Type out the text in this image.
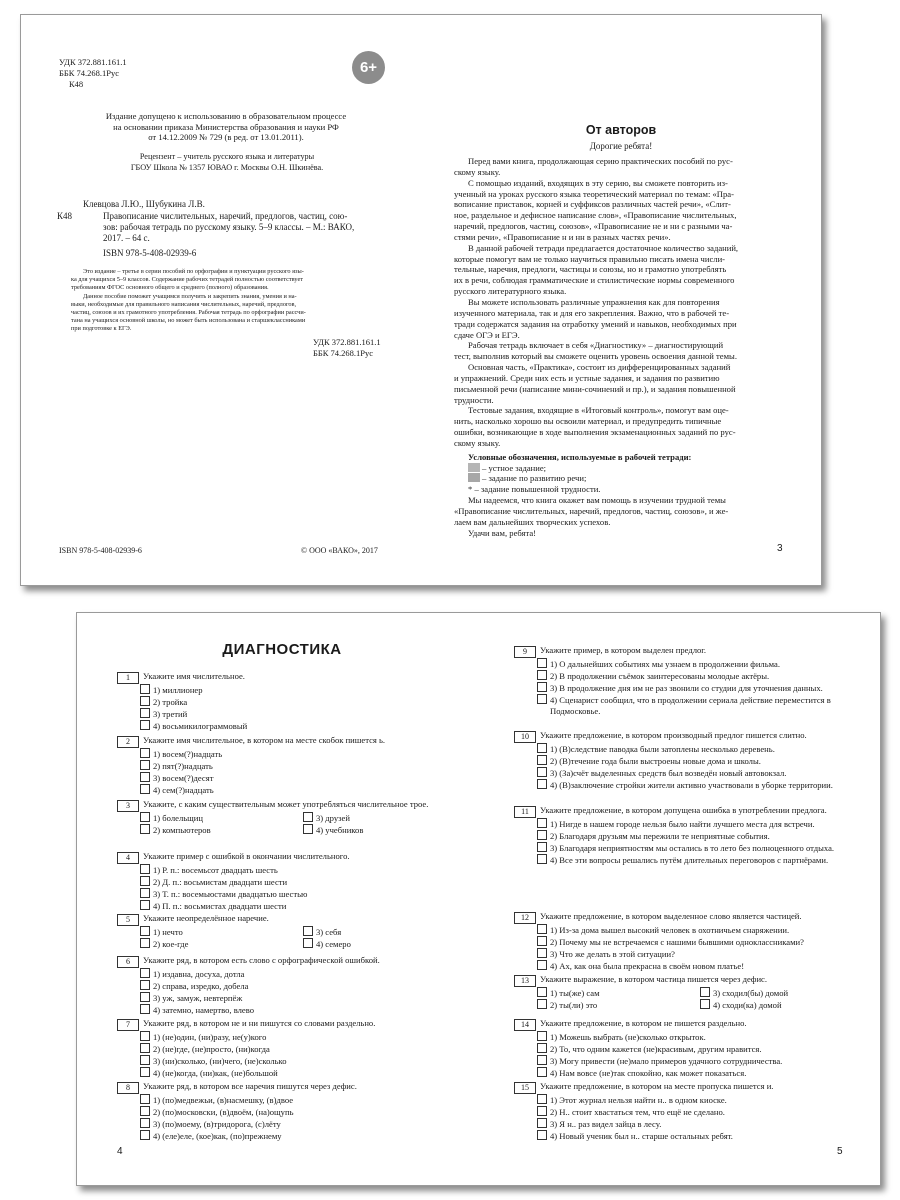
УДК 372.881.161.1
ББК 74.268.1Рус
К48
6+
Издание допущено к использованию в образовательном процессе
на основании приказа Министерства образования и науки РФ
от 14.12.2009 № 729 (в ред. от 13.01.2011).
Рецензент – учитель русского языка и литературы
ГБОУ Школа № 1357 ЮВАО г. Москвы О.Н. Шкинёва.
Клевцова Л.Ю., Шубукина Л.В.
К48	Правописание числительных, наречий, предлогов, частиц, сою-
зов: рабочая тетрадь по русскому языку. 5–9 классы. – М.: ВАКО,
2017. – 64 с.
ISBN 978-5-408-02939-6
Это издание – третье в серии пособий по орфографии и пунктуации русского язы-
ка для учащихся 5–9 классов. Содержание рабочих тетрадей полностью соответствует
требованиям ФГОС основного общего и среднего (полного) образования.
Данное пособие поможет учащимся получить и закрепить знания, умения и на-
выки, необходимые для правильного написания числительных, наречий, предлогов,
частиц, союзов и их грамотного употребления. Рабочая тетрадь по орфографии рассчи-
тана на учащихся основной школы, но может быть использована и старшеклассниками
при подготовке к ЕГЭ.
УДК 372.881.161.1
ББК 74.268.1Рус
ISBN 978-5-408-02939-6	© ООО «ВАКО», 2017
От авторов
Дорогие ребята!
Перед вами книга, продолжающая серию практических пособий по рус-
скому языку.
С помощью изданий, входящих в эту серию, вы сможете повторить из-
ученный на уроках русского языка теоретический материал по темам: «Пра-
вописание приставок, корней и суффиксов различных частей речи», «Слит-
ное, раздельное и дефисное написание слов», «Правописание числительных,
наречий, предлогов, частиц, союзов», «Правописание не и ни с разными ча-
стями речи», «Правописание н и нн в разных частях речи».
В данной рабочей тетради предлагается достаточное количество заданий,
которые помогут вам не только научиться правильно писать имена числи-
тельные, наречия, предлоги, частицы и союзы, но и грамотно употреблять
их в речи, соблюдая грамматические и стилистические нормы современного
русского литературного языка.
Вы можете использовать различные упражнения как для повторения
изученного материала, так и для его закрепления. Важно, что в рабочей те-
тради содержатся задания на отработку умений и навыков, необходимых при
сдаче ОГЭ и ЕГЭ.
Рабочая тетрадь включает в себя «Диагностику» – диагностирующий
тест, выполнив который вы сможете оценить уровень освоения данной темы.
Основная часть, «Практика», состоит из дифференцированных заданий
и упражнений. Среди них есть и устные задания, и задания по развитию
письменной речи (написание мини-сочинений и пр.), и задания повышенной
трудности.
Тестовые задания, входящие в «Итоговый контроль», помогут вам оце-
нить, насколько хорошо вы освоили материал, и предупредить типичные
ошибки, возникающие в ходе выполнения экзаменационных заданий по рус-
скому языку.
Условные обозначения, используемые в рабочей тетради:
– устное задание;
– задание по развитию речи;
* – задание повышенной трудности.
Мы надеемся, что книга окажет вам помощь в изучении трудной темы
«Правописание числительных, наречий, предлогов, частиц, союзов», и же-
лаем вам дальнейших творческих успехов.
Удачи вам, ребята!
3
ДИАГНОСТИКА
1 Укажите имя числительное.
1) миллионер
2) тройка
3) третий
4) восьмикилограммовый
2 Укажите имя числительное, в котором на месте скобок пишется ь.
1) восем(?)надцать
2) пят(?)надцать
3) восем(?)десят
4) сем(?)надцать
3 Укажите, с каким существительным может употребляться числительное трое.
1) болельщиц	3) друзей
2) компьютеров	4) учебников
4 Укажите пример с ошибкой в окончании числительного.
1) Р. п.: восемьсот двадцать шесть
2) Д. п.: восьмистам двадцати шести
3) Т. п.: восемьюстами двадцатью шестью
4) П. п.: восьмистах двадцати шести
5 Укажите неопределённое наречие.
1) нечто	3) себя
2) кое-где	4) семеро
6 Укажите ряд, в котором есть слово с орфографической ошибкой.
1) издавна, досуха, дотла
2) справа, изредко, добела
3) уж, замуж, невтерпёж
4) затемно, намертво, влево
7 Укажите ряд, в котором не и ни пишутся со словами раздельно.
1) (не)один, (ни)разу, не(у)кого
2) (не)где, (не)просто, (ни)когда
3) (ни)сколько, (ни)чего, (не)сколько
4) (не)когда, (ни)как, (не)большой
8 Укажите ряд, в котором все наречия пишутся через дефис.
1) (по)медвежьи, (в)насмешку, (в)двое
2) (по)московски, (в)двоём, (на)ощупь
3) (по)моему, (в)тридорога, (с)лёту
4) (еле)еле, (кое)как, (по)прежнему
4
9 Укажите пример, в котором выделен предлог.
1) О дальнейших событиях мы узнаем в продолжении фильма.
2) В продолжении съёмок заинтересованы молодые актёры.
3) В продолжение дня им не раз звонили со студии для уточнения данных.
4) Сценарист сообщил, что в продолжении сериала действие переместится в Подмосковье.
10 Укажите предложение, в котором производный предлог пишется слитно.
1) (В)следствие паводка были затоплены несколько деревень.
2) (В)течение года были выстроены новые дома и школы.
3) (За)счёт выделенных средств был возведён новый автовокзал.
4) (В)заключение стройки жители активно участвовали в уборке территории.
11 Укажите предложение, в котором допущена ошибка в употреблении предлога.
1) Нигде в нашем городе нельзя было найти лучшего места для встречи.
2) Благодаря друзьям мы пережили те неприятные события.
3) Благодаря неприятностям мы остались в то лето без полноценного отдыха.
4) Все эти вопросы решались путём длительных переговоров с партнёрами.
12 Укажите предложение, в котором выделенное слово является частицей.
1) Из-за дома вышел высокий человек в охотничьем снаряжении.
2) Почему мы не встречаемся с нашими бывшими одноклассниками?
3) Что же делать в этой ситуации?
4) Ах, как она была прекрасна в своём новом платье!
13 Укажите выражение, в котором частица пишется через дефис.
1) ты(же) сам	3) сходил(бы) домой
2) ты(ли) это	4) сходи(ка) домой
14 Укажите предложение, в котором не пишется раздельно.
1) Можешь выбрать (не)сколько открыток.
2) То, что одним кажется (не)красивым, другим нравится.
3) Могу привести (не)мало примеров удачного сотрудничества.
4) Нам вовсе (не)так спокойно, как может показаться.
15 Укажите предложение, в котором на месте пропуска пишется и.
1) Этот журнал нельзя найти н.. в одном киоске.
2) Н.. стоит хвастаться тем, что ещё не сделано.
3) Я н.. раз видел зайца в лесу.
4) Новый ученик был н.. старше остальных ребят.
5
